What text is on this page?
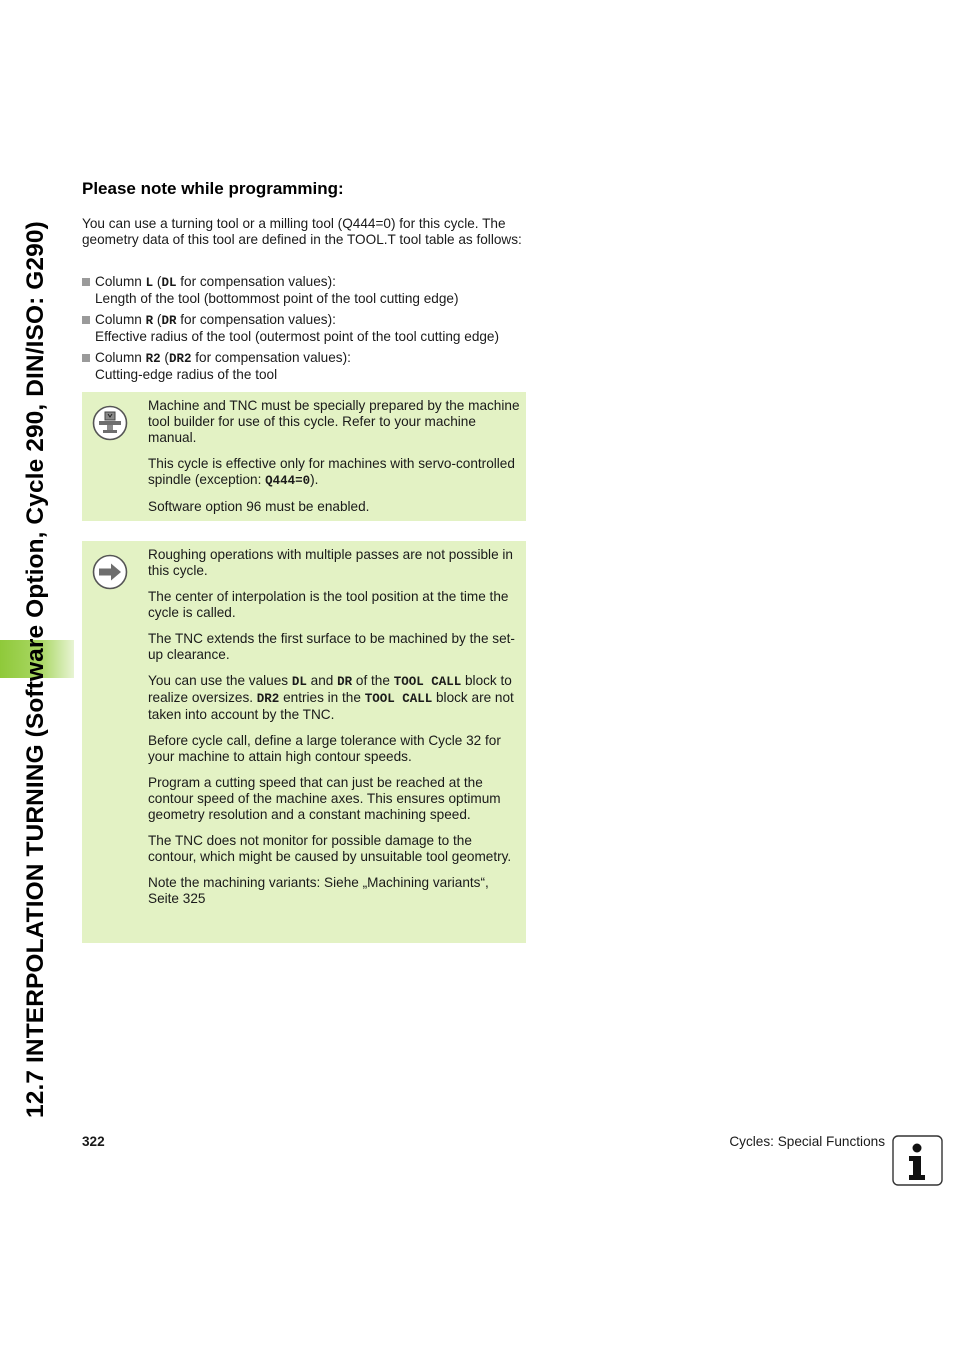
12.7 INTERPOLATION TURNING (Software Option, Cycle 290, DIN/ISO: G290)
Please note while programming:

You can use a turning tool or a milling tool (Q444=0) for this cycle. The geometry data of this tool are defined in the TOOL.T tool table as follows:

Column L (DL for compensation values):
Length of the tool (bottommost point of the tool cutting edge)
Column R (DR for compensation values):
Effective radius of the tool (outermost point of the tool cutting edge)
Column R2 (DR2 for compensation values):
Cutting-edge radius of the tool

Machine and TNC must be specially prepared by the machine tool builder for use of this cycle. Refer to your machine manual.

This cycle is effective only for machines with servo-controlled spindle (exception: Q444=0).

Software option 96 must be enabled.

Roughing operations with multiple passes are not possible in this cycle.

The center of interpolation is the tool position at the time the cycle is called.

The TNC extends the first surface to be machined by the set-up clearance.

You can use the values DL and DR of the TOOL CALL block to realize oversizes. DR2 entries in the TOOL CALL block are not taken into account by the TNC.

Before cycle call, define a large tolerance with Cycle 32 for your machine to attain high contour speeds.

Program a cutting speed that can just be reached at the contour speed of the machine axes. This ensures optimum geometry resolution and a constant machining speed.

The TNC does not monitor for possible damage to the contour, which might be caused by unsuitable tool geometry.

Note the machining variants: Siehe „Machining variants“, Seite 325

322	Cycles: Special Functions
